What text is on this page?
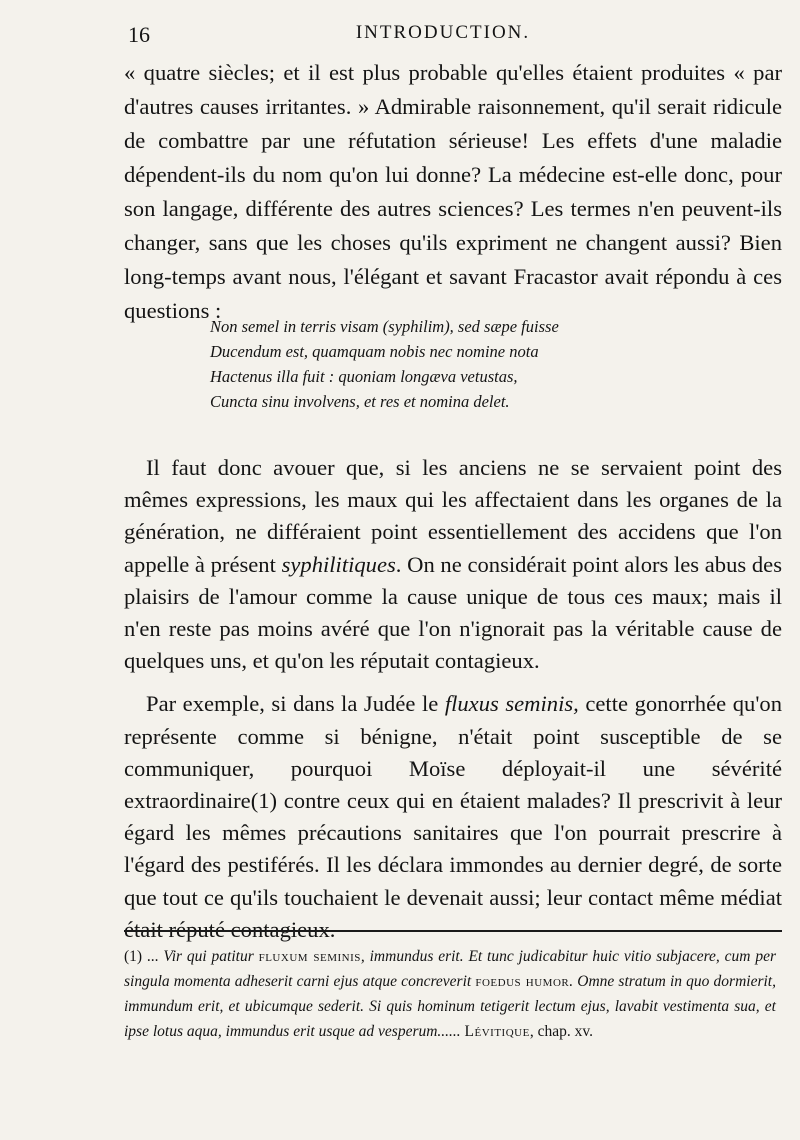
16	INTRODUCTION.

« quatre siècles; et il est plus probable qu'elles étaient produites « par d'autres causes irritantes. » Admirable raisonnement, qu'il serait ridicule de combattre par une réfutation sérieuse! Les effets d'une maladie dépendent-ils du nom qu'on lui donne? La médecine est-elle donc, pour son langage, différente des autres sciences? Les termes n'en peuvent-ils changer, sans que les choses qu'ils expriment ne changent aussi? Bien long-temps avant nous, l'élégant et savant Fracastor avait répondu à ces questions :

Non semel in terris visam (syphilim), sed sæpe fuisse
Ducendum est, quamquam nobis nec nomine nota
Hactenus illa fuit : quoniam longæva vetustas,
Cuncta sinu involvens, et res et nomina delet.

Il faut donc avouer que, si les anciens ne se servaient point des mêmes expressions, les maux qui les affectaient dans les organes de la génération, ne différaient point essentiellement des accidens que l'on appelle à présent syphilitiques. On ne considérait point alors les abus des plaisirs de l'amour comme la cause unique de tous ces maux; mais il n'en reste pas moins avéré que l'on n'ignorait pas la véritable cause de quelques uns, et qu'on les réputait contagieux.

Par exemple, si dans la Judée le fluxus seminis, cette gonorrhée qu'on représente comme si bénigne, n'était point susceptible de se communiquer, pourquoi Moïse déployait-il une sévérité extraordinaire(1) contre ceux qui en étaient malades? Il prescrivit à leur égard les mêmes précautions sanitaires que l'on pourrait prescrire à l'égard des pestiférés. Il les déclara immondes au dernier degré, de sorte que tout ce qu'ils touchaient le devenait aussi; leur contact même médiat était réputé contagieux.

(1) ... Vir qui patitur fluxum seminis, immundus erit. Et tunc judicabitur huic vitio subjacere, cum per singula momenta adheserit carni ejus atque concreverit foedus humor. Omne stratum in quo dormierit, immundum erit, et ubicumque sederit. Si quis hominum tetigerit lectum ejus, lavabit vestimenta sua, et ipse lotus aqua, immundus erit usque ad vesperum...... Lévitique, chap. xv.
